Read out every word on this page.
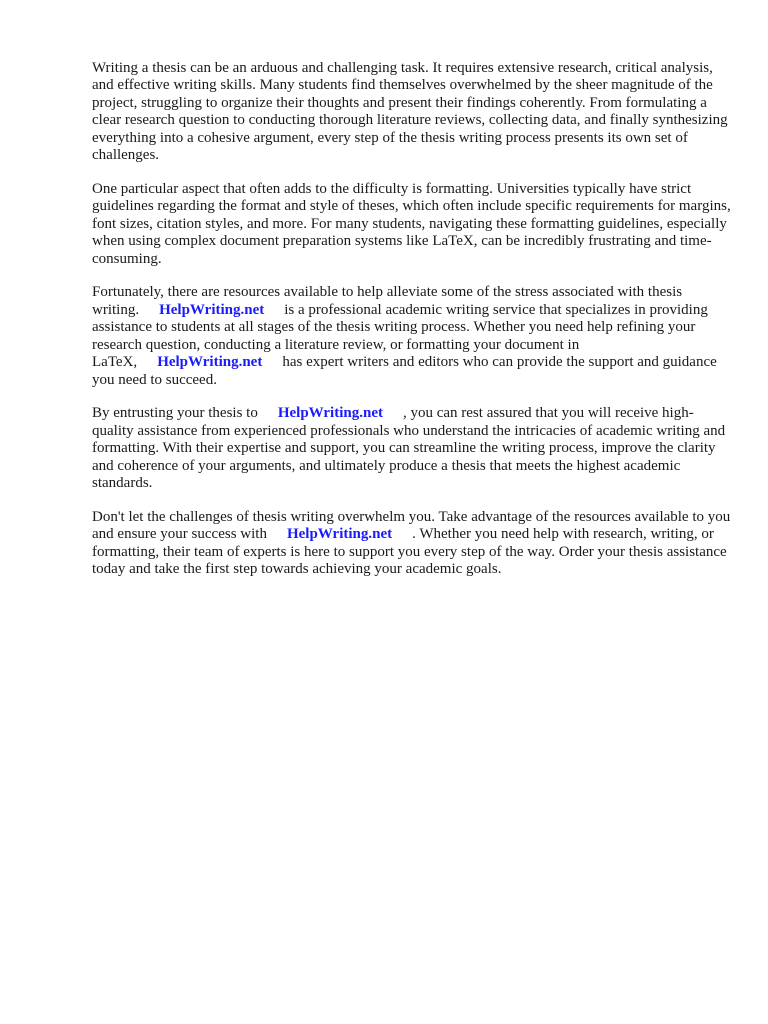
Writing a thesis can be an arduous and challenging task. It requires extensive research, critical analysis, and effective writing skills. Many students find themselves overwhelmed by the sheer magnitude of the project, struggling to organize their thoughts and present their findings coherently. From formulating a clear research question to conducting thorough literature reviews, collecting data, and finally synthesizing everything into a cohesive argument, every step of the thesis writing process presents its own set of challenges.

One particular aspect that often adds to the difficulty is formatting. Universities typically have strict guidelines regarding the format and style of theses, which often include specific requirements for margins, font sizes, citation styles, and more. For many students, navigating these formatting guidelines, especially when using complex document preparation systems like LaTeX, can be incredibly frustrating and time-consuming.

Fortunately, there are resources available to help alleviate some of the stress associated with thesis writing. HelpWriting.net is a professional academic writing service that specializes in providing assistance to students at all stages of the thesis writing process. Whether you need help refining your research question, conducting a literature review, or formatting your document in LaTeX, HelpWriting.net has expert writers and editors who can provide the support and guidance you need to succeed.

By entrusting your thesis to HelpWriting.net , you can rest assured that you will receive high-quality assistance from experienced professionals who understand the intricacies of academic writing and formatting. With their expertise and support, you can streamline the writing process, improve the clarity and coherence of your arguments, and ultimately produce a thesis that meets the highest academic standards.

Don't let the challenges of thesis writing overwhelm you. Take advantage of the resources available to you and ensure your success with HelpWriting.net . Whether you need help with research, writing, or formatting, their team of experts is here to support you every step of the way. Order your thesis assistance today and take the first step towards achieving your academic goals.
